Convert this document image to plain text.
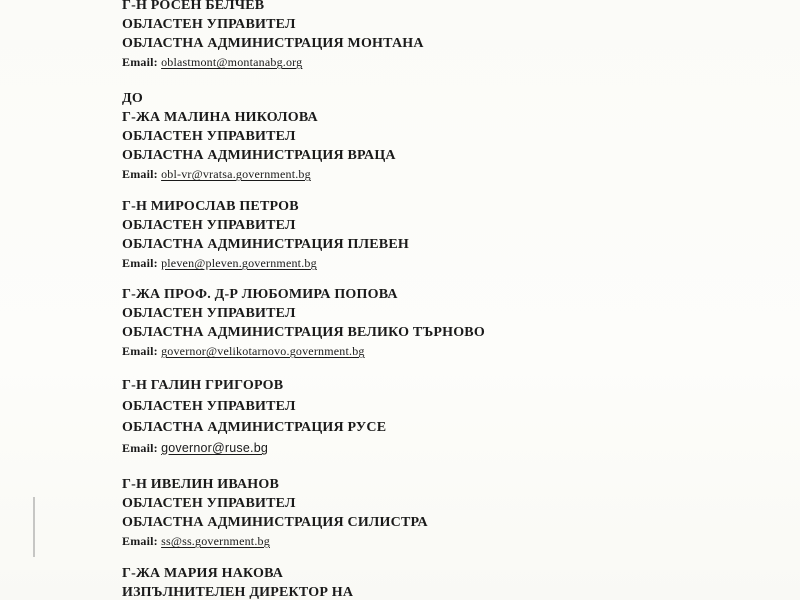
Г-Н РОСЕН БЕЛЧЕВ
ОБЛАСТЕН УПРАВИТЕЛ
ОБЛАСТНА АДМИНИСТРАЦИЯ МОНТАНА
Email: oblastmont@montanabg.org
ДО
Г-ЖА МАЛИНА НИКОЛОВА
ОБЛАСТЕН УПРАВИТЕЛ
ОБЛАСТНА АДМИНИСТРАЦИЯ ВРАЦА
Email: obl-vr@vratsa.government.bg
Г-Н МИРОСЛАВ ПЕТРОВ
ОБЛАСТЕН УПРАВИТЕЛ
ОБЛАСТНА АДМИНИСТРАЦИЯ ПЛЕВЕН
Email: pleven@pleven.government.bg
Г-ЖА ПРОФ. Д-Р ЛЮБОМИРА ПОПОВА
ОБЛАСТЕН УПРАВИТЕЛ
ОБЛАСТНА АДМИНИСТРАЦИЯ ВЕЛИКО ТЪРНОВО
Email: governor@velikotarnovo.government.bg
Г-Н ГАЛИН ГРИГОРОВ
ОБЛАСТЕН УПРАВИТЕЛ
ОБЛАСТНА АДМИНИСТРАЦИЯ РУСЕ
Email: governor@ruse.bg
Г-Н ИВЕЛИН ИВАНОВ
ОБЛАСТЕН УПРАВИТЕЛ
ОБЛАСТНА АДМИНИСТРАЦИЯ СИЛИСТРА
Email: ss@ss.government.bg
Г-ЖА МАРИЯ НАКОВА
ИЗПЪЛНИТЕЛЕН ДИРЕКТОР НА
